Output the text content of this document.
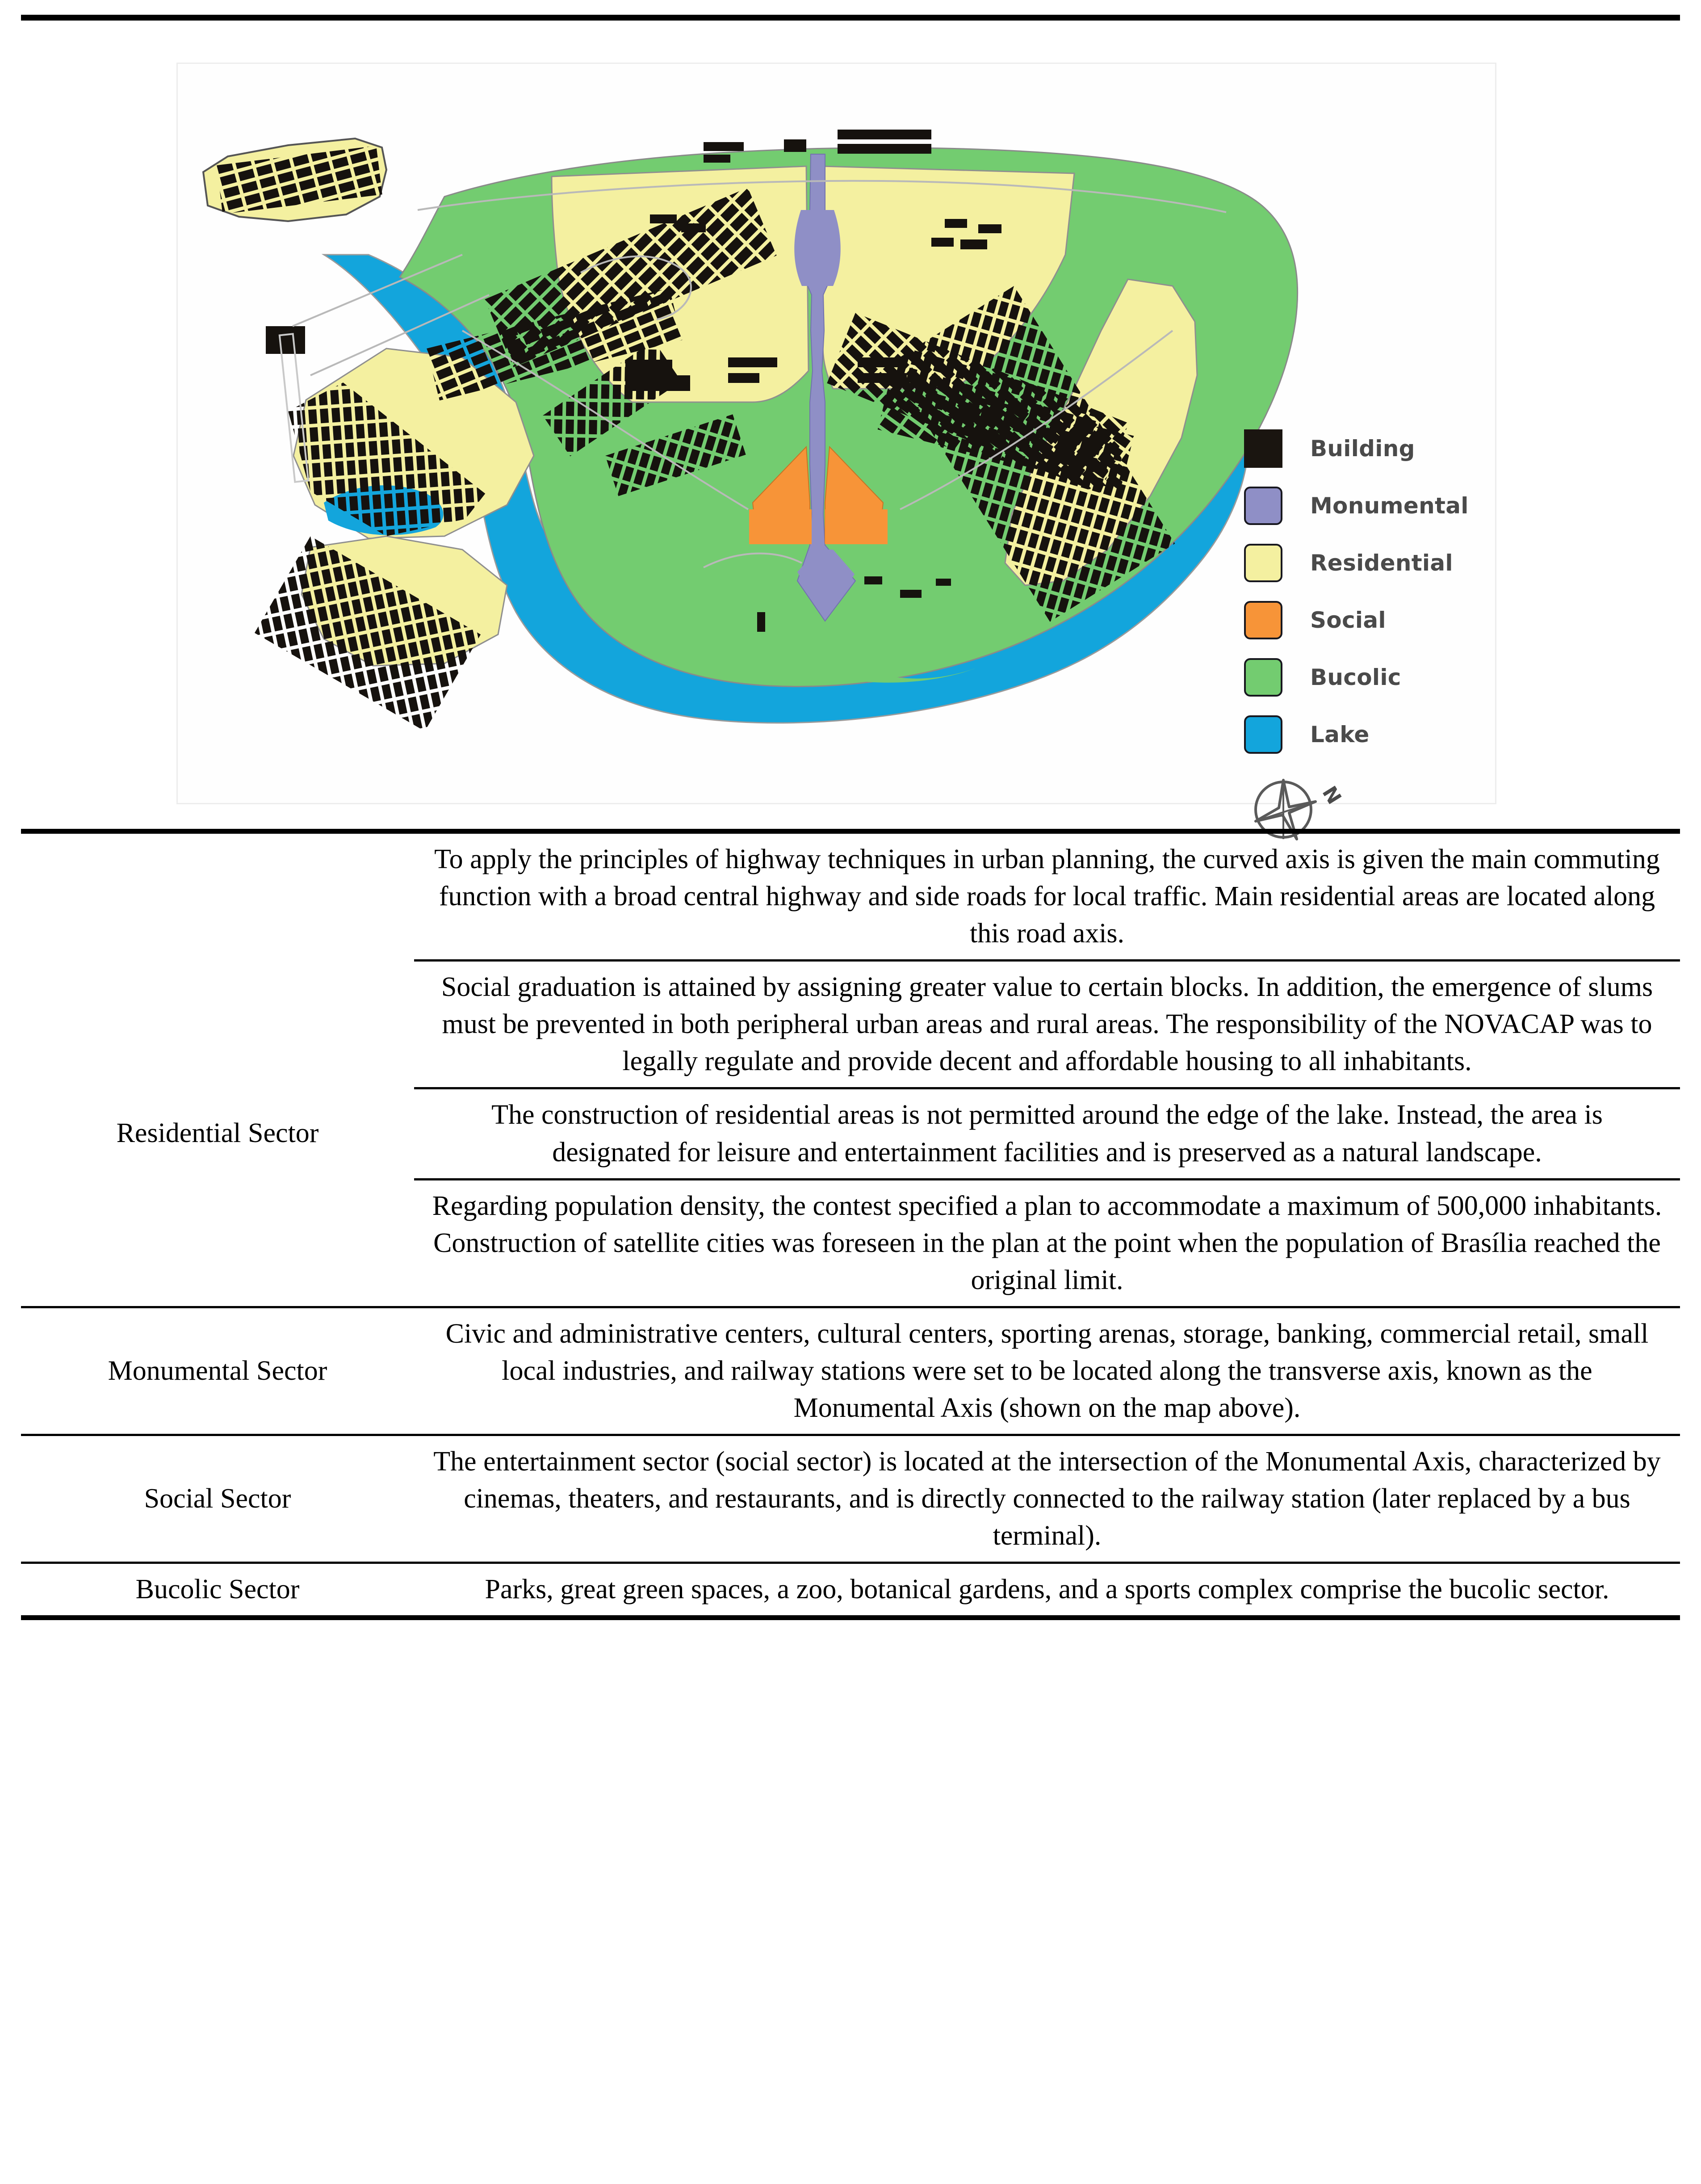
Building
Monumental
Residential
Social
Bucolic
Lake
N
	To apply the principles of highway techniques in urban planning, the curved axis is given the main commuting function with a broad central highway and side roads for local traffic. Main residential areas are located along this road axis.
Residential Sector	Social graduation is attained by assigning greater value to certain blocks. In addition, the emergence of slums must be prevented in both peripheral urban areas and rural areas. The responsibility of the NOVACAP was to legally regulate and provide decent and affordable housing to all inhabitants.
	The construction of residential areas is not permitted around the edge of the lake. Instead, the area is designated for leisure and entertainment facilities and is preserved as a natural landscape.
	Regarding population density, the contest specified a plan to accommodate a maximum of 500,000 inhabitants. Construction of satellite cities was foreseen in the plan at the point when the population of Brasília reached the original limit.
Monumental Sector	Civic and administrative centers, cultural centers, sporting arenas, storage, banking, commercial retail, small local industries, and railway stations were set to be located along the transverse axis, known as the Monumental Axis (shown on the map above).
Social Sector	The entertainment sector (social sector) is located at the intersection of the Monumental Axis, characterized by cinemas, theaters, and restaurants, and is directly connected to the railway station (later replaced by a bus terminal).
Bucolic Sector	Parks, great green spaces, a zoo, botanical gardens, and a sports complex comprise the bucolic sector.
